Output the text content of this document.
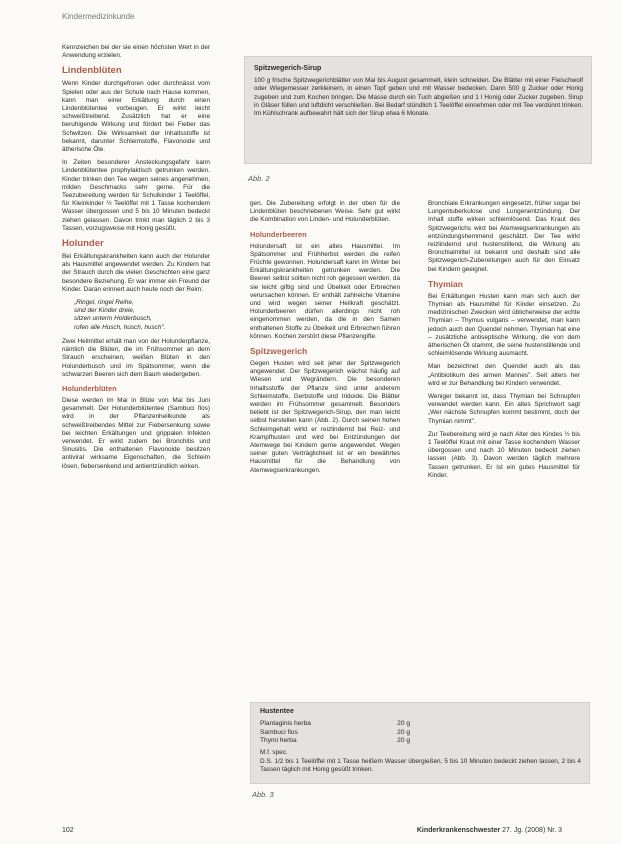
Kindermedizinkunde

Kennzeichen bei der sie einen höchsten Wert in der Anwendung erzielen.

Lindenblüten

Wenn Kinder durchgefroren oder durchnässt vom Spielen oder aus der Schule nach Hause kommen, kann man einer Erkältung durch einen Lindenblütentee vorbeugen. Er wirkt leicht schweißtreibend. Zusätzlich hat er eine beruhigende Wirkung und fördert bei Fieber das Schwitzen. Die Wirksamkeit der Inhaltsstoffe ist bekannt, darunter Schleimstoffe, Flavonoide und ätherische Öle.

In Zeiten besonderer Ansteckungsgefahr kann Lindenblütentee prophylaktisch getrunken werden. Kinder trinken den Tee wegen seines angenehmen, milden Geschmacks sehr gerne. Für die Teezubereitung werden für Schulkinder 1 Teelöffel, für Kleinkinder ½ Teelöffel mit 1 Tasse kochendem Wasser übergossen und 5 bis 10 Minuten bedeckt ziehen gelassen. Davon trinkt man täglich 2 bis 3 Tassen, vorzugsweise mit Honig gesüßt.

Holunder

Bei Erkältungskrankheiten kann auch der Holunder als Hausmittel angewendet werden. Zu Kindern hat der Strauch durch die vielen Geschichten eine ganz besondere Beziehung. Er war immer ein Freund der Kinder. Daran erinnert auch heute noch der Reim:

„Ringel, ringel Reihe,
sind der Kinder dreie,
sitzen unterm Holderbusch,
rufen alle Husch, husch, husch".

Zwei Heilmittel erhält man von der Holunderpflanze, nämlich die Blüten, die im Frühsommer an dem Strauch erscheinen, weißen Blüten in den Holunderbusch und im Spätsommer, wenn die schwarzen Beeren sich dem Baum wiedergeben.

Holunderblüten

Diese werden im Mai in Blüte von Mai bis Juni gesammelt. Der Holunderblütentee (Sambuci flos) wird in der Pflanzenheilkunde als schweißtreibendes Mittel zur Fiebersenkung sowie bei leichten Erkältungen und grippalen Infekten verwendet. Er wirkt zudem bei Bronchitis und Sinusitis. Die enthaltenen Flavonoide besitzen antiviral wirksame Eigenschaften, die Schleim lösen, fiebersenkend und antientzündlich wirken.

Spitzwegerich-Sirup
100 g frische Spitzwegerichblätter von Mai bis August gesammelt, klein schneiden. Die Blätter mit einer Fleischwolf oder Wiegemesser zerkleinern, in einen Topf geben und mit Wasser bedecken. Dann 500 g Zucker oder Honig zugeben und zum Kochen bringen. Die Masse durch ein Tuch abgießen und 1 l Honig oder Zucker zugeben. Sirup in Gläser füllen und luftdicht verschließen. Bei Bedarf stündlich 1 Teelöffel einnehmen oder mit Tee verdünnt trinken. Im Kühlschrank aufbewahrt hält sich der Sirup etwa 6 Monate.
Abb. 2

gen. Die Zubereitung erfolgt in der oben für die Lindenblüten beschriebenen Weise. Sehr gut wirkt die Kombination von Linden- und Holunderblüten.

Holunderbeeren

Holundersaft ist ein altes Hausmittel. Im Spätsommer und Frühherbst werden die reifen Früchte gewonnen. Holundersaft kann im Winter bei Erkältungskrankheiten getrunken werden. Die Beeren selbst sollten nicht roh gegessen werden, da sie leicht giftig sind und Übelkeit oder Erbrechen verursachen können. Er enthält zahlreiche Vitamine und wird wegen seiner Heilkraft geschätzt. Holunderbeeren dürfen allerdings nicht roh eingenommen werden, da die in den Samen enthaltenen Stoffe zu Übelkeit und Erbrechen führen können. Kochen zerstört diese Pflanzengifte.

Spitzwegerich

Gegen Husten wird seit jeher der Spitzwegerich angewendet. Der Spitzwegerich wächst häufig auf Wiesen und Wegrändern. Die besonderen Inhaltsstoffe der Pflanze sind unter anderem Schleimstoffe, Gerbstoffe und Iridoide. Die Blätter werden im Frühsommer gesammelt. Besonders beliebt ist der Spitzwegerich-Sirup, den man leicht selbst herstellen kann (Abb. 2). Durch seinen hohen Schleimgehalt wirkt er reizlindernd bei Reiz- und Krampfhusten und wird bei Entzündungen der Atemwege bei Kindern gerne angewendet. Wegen seiner guten Verträglichkeit ist er ein bewährtes Hausmittel für die Behandlung von Atemwegserkrankungen.

Bronchiale Erkrankungen eingesetzt, früher sogar bei Lungentuberkulose und Lungenentzündung. Der Inhalt stoffe wirken schleimlösend. Das Kraut des Spitzwegerichs wird bei Atemwegserkrankungen als entzündungshemmend geschätzt. Der Tee wirkt reizlindernd und hustenstillend, die Wirkung als Bronchialmittel ist bekannt und deshalb sind alle Spitzwegerich-Zubereitungen auch für den Einsatz bei Kindern geeignet.

Thymian

Bei Erkältungen Husten kann man sich auch der Thymian als Hausmittel für Kinder einsetzen. Zu medizinischen Zwecken wird üblicherweise der echte Thymian – Thymus vulgaris – verwendet, man kann jedoch auch den Quendel nehmen. Thymian hat eine – zusätzliche antiseptische Wirkung, die von dem ätherischen Öl stammt, die seine hustenstillende und schleimlösende Wirkung ausmacht.

Man bezeichnet den Quendel auch als das „Antibiotikum des armen Mannes". Seit alters her wird er zur Behandlung bei Kindern verwendet.

Weniger bekannt ist, dass Thymian bei Schnupfen verwendet werden kann. Ein altes Sprichwort sagt „Wer nächste Schnupfen kommt bestimmt, doch der Thymian nimmt".

Zur Teebereitung wird je nach Alter des Kindes ½ bis 1 Teelöffel Kraut mit einer Tasse kochendem Wasser übergossen und nach 10 Minuten bedeckt ziehen lassen (Abb. 3). Davon werden täglich mehrere Tassen getrunken. Er ist ein gutes Hausmittel für Kinder.

Hustentee
Plantaginis herba	20 g
Sambuci flos	20 g
Thymi herba	20 g
M.f. spec.
D.S. 1/2 bis 1 Teelöffel mit 1 Tasse heißem Wasser übergießen, 5 bis 10 Minuten bedeckt ziehen lassen, 2 bis 4 Tassen täglich mit Honig gesüßt trinken.
Abb. 3
102	Kinderkrankenschwester 27. Jg. (2008) Nr. 3
